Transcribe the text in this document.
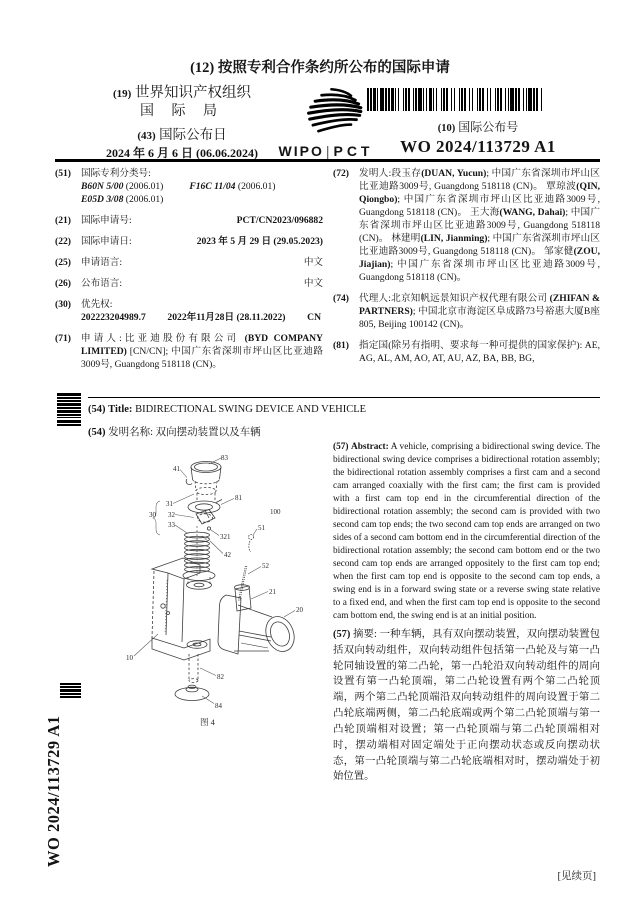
(12) 按照专利合作条约所公布的国际申请
(19) 世界知识产权组织
国 际 局
(43) 国际公布日
2024 年 6 月 6 日 (06.06.2024)	WIPO | PCT
(10) 国际公布号
WO 2024/113729 A1
(51) 国际专利分类号:
B60N 5/00 (2006.01)	F16C 11/04 (2006.01)
E05D 3/08 (2006.01)
(21) 国际申请号:	PCT/CN2023/096882
(22) 国际申请日:	2023 年 5 月 29 日 (29.05.2023)
(25) 申请语言:	中文
(26) 公布语言:	中文
(30) 优先权:
202223204989.7 2022年11月28日 (28.11.2022) CN
(71) 申请人:比亚迪股份有限公司 (BYD COMPANY LIMITED) [CN/CN]; 中国广东省深圳市坪山区比亚迪路3009号, Guangdong 518118 (CN)。
(72) 发明人:段玉存(DUAN, Yucun); 中国广东省深圳市坪山区比亚迪路3009号, Guangdong 518118 (CN)。 覃琼波(QIN, Qiongbo); 中国广东省深圳市坪山区比亚迪路3009号, Guangdong 518118 (CN)。 王大海(WANG, Dahai); 中国广东省深圳市坪山区比亚迪路3009号, Guangdong 518118 (CN)。 林建明(LIN, Jianming); 中国广东省深圳市坪山区比亚迪路3009号, Guangdong 518118 (CN)。 邹家健(ZOU, Jiajian); 中国广东省深圳市坪山区比亚迪路3009号, Guangdong 518118 (CN)。
(74) 代理人:北京知帆远景知识产权代理有限公司 (ZHIFAN & PARTNERS); 中国北京市海淀区阜成路73号裕惠大厦B座805, Beijing 100142 (CN)。
(81) 指定国(除另有指明、要求每一种可提供的国家保护): AE, AG, AL, AM, AO, AT, AU, AZ, BA, BB, BG,
(54) Title: BIDIRECTIONAL SWING DEVICE AND VEHICLE
(54) 发明名称: 双向摆动装置以及车辆
83
41
31
81
30 32
33
321
42
100
51
52
21
20
10
82
84
图 4
(57) Abstract: A vehicle, comprising a bidirectional swing device. The bidirectional swing device comprises a bidirectional rotation assembly; the bidirectional rotation assembly comprises a first cam and a second cam arranged coaxially with the first cam; the first cam is provided with a first cam top end in the circumferential direction of the bidirectional rotation assembly; the second cam is provided with two second cam top ends; the two second cam top ends are arranged on two sides of a second cam bottom end in the circumferential direction of the bidirectional rotation assembly; the second cam bottom end or the two second cam top ends are arranged oppositely to the first cam top end; when the first cam top end is opposite to the second cam top ends, a swing end is in a forward swing state or a reverse swing state relative to a fixed end, and when the first cam top end is opposite to the second cam bottom end, the swing end is at an initial position.
(57) 摘要: 一种车辆，具有双向摆动装置，双向摆动装置包括双向转动组件，双向转动组件包括第一凸轮及与第一凸轮同轴设置的第二凸轮，第一凸轮沿双向转动组件的周向设置有第一凸轮顶端，第二凸轮设置有两个第二凸轮顶端，两个第二凸轮顶端沿双向转动组件的周向设置于第二凸轮底端两侧，第二凸轮底端或两个第二凸轮顶端与第一凸轮顶端相对设置；第一凸轮顶端与第二凸轮顶端相对时，摆动端相对固定端处于正向摆动状态或反向摆动状态，第一凸轮顶端与第二凸轮底端相对时，摆动端处于初始位置。
WO 2024/113729 A1
[见续页]
